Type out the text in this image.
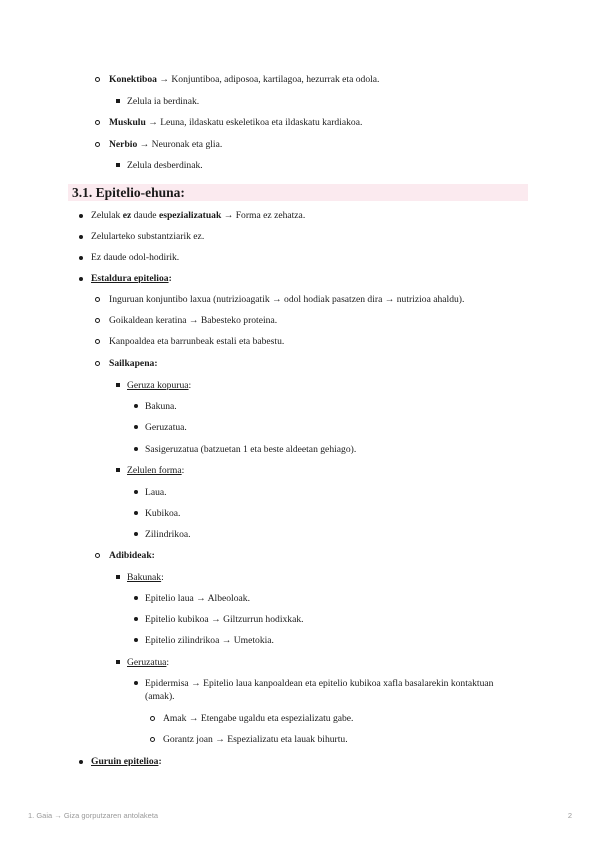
Konektiboa → Konjuntiboa, adiposoa, kartilagoa, hezurrak eta odola.
Zelula ia berdinak.
Muskulu → Leuna, ildaskatu eskeletikoa eta ildaskatu kardiakoa.
Nerbio → Neuronak eta glia.
Zelula desberdinak.
3.1. Epitelio-ehuna:
Zelulak ez daude espezializatuak → Forma ez zehatza.
Zelularteko substantziarik ez.
Ez daude odol-hodirik.
Estaldura epitelioa:
Inguruan konjuntibo laxua (nutrizioagatik → odol hodiak pasatzen dira → nutrizioa ahaldu).
Goikaldean keratina → Babesteko proteina.
Kanpoaldea eta barrunbeak estali eta babestu.
Sailkapena:
Geruza kopurua:
Bakuna.
Geruzatua.
Sasigeruzatua (batzuetan 1 eta beste aldeetan gehiago).
Zelulen forma:
Laua.
Kubikoa.
Zilindrikoa.
Adibideak:
Bakunak:
Epitelio laua → Albeoloak.
Epitelio kubikoa → Giltzurrun hodixkak.
Epitelio zilindrikoa → Umetokia.
Geruzatua:
Epidermisa → Epitelio laua kanpoaldean eta epitelio kubikoa xafla basalarekin kontaktuan
(amak).
Amak → Etengabe ugaldu eta espezializatu gabe.
Gorantz joan → Espezializatu eta lauak bihurtu.
Guruin epitelioa:
1. Gaia → Giza gorputzaren antolaketa	2
